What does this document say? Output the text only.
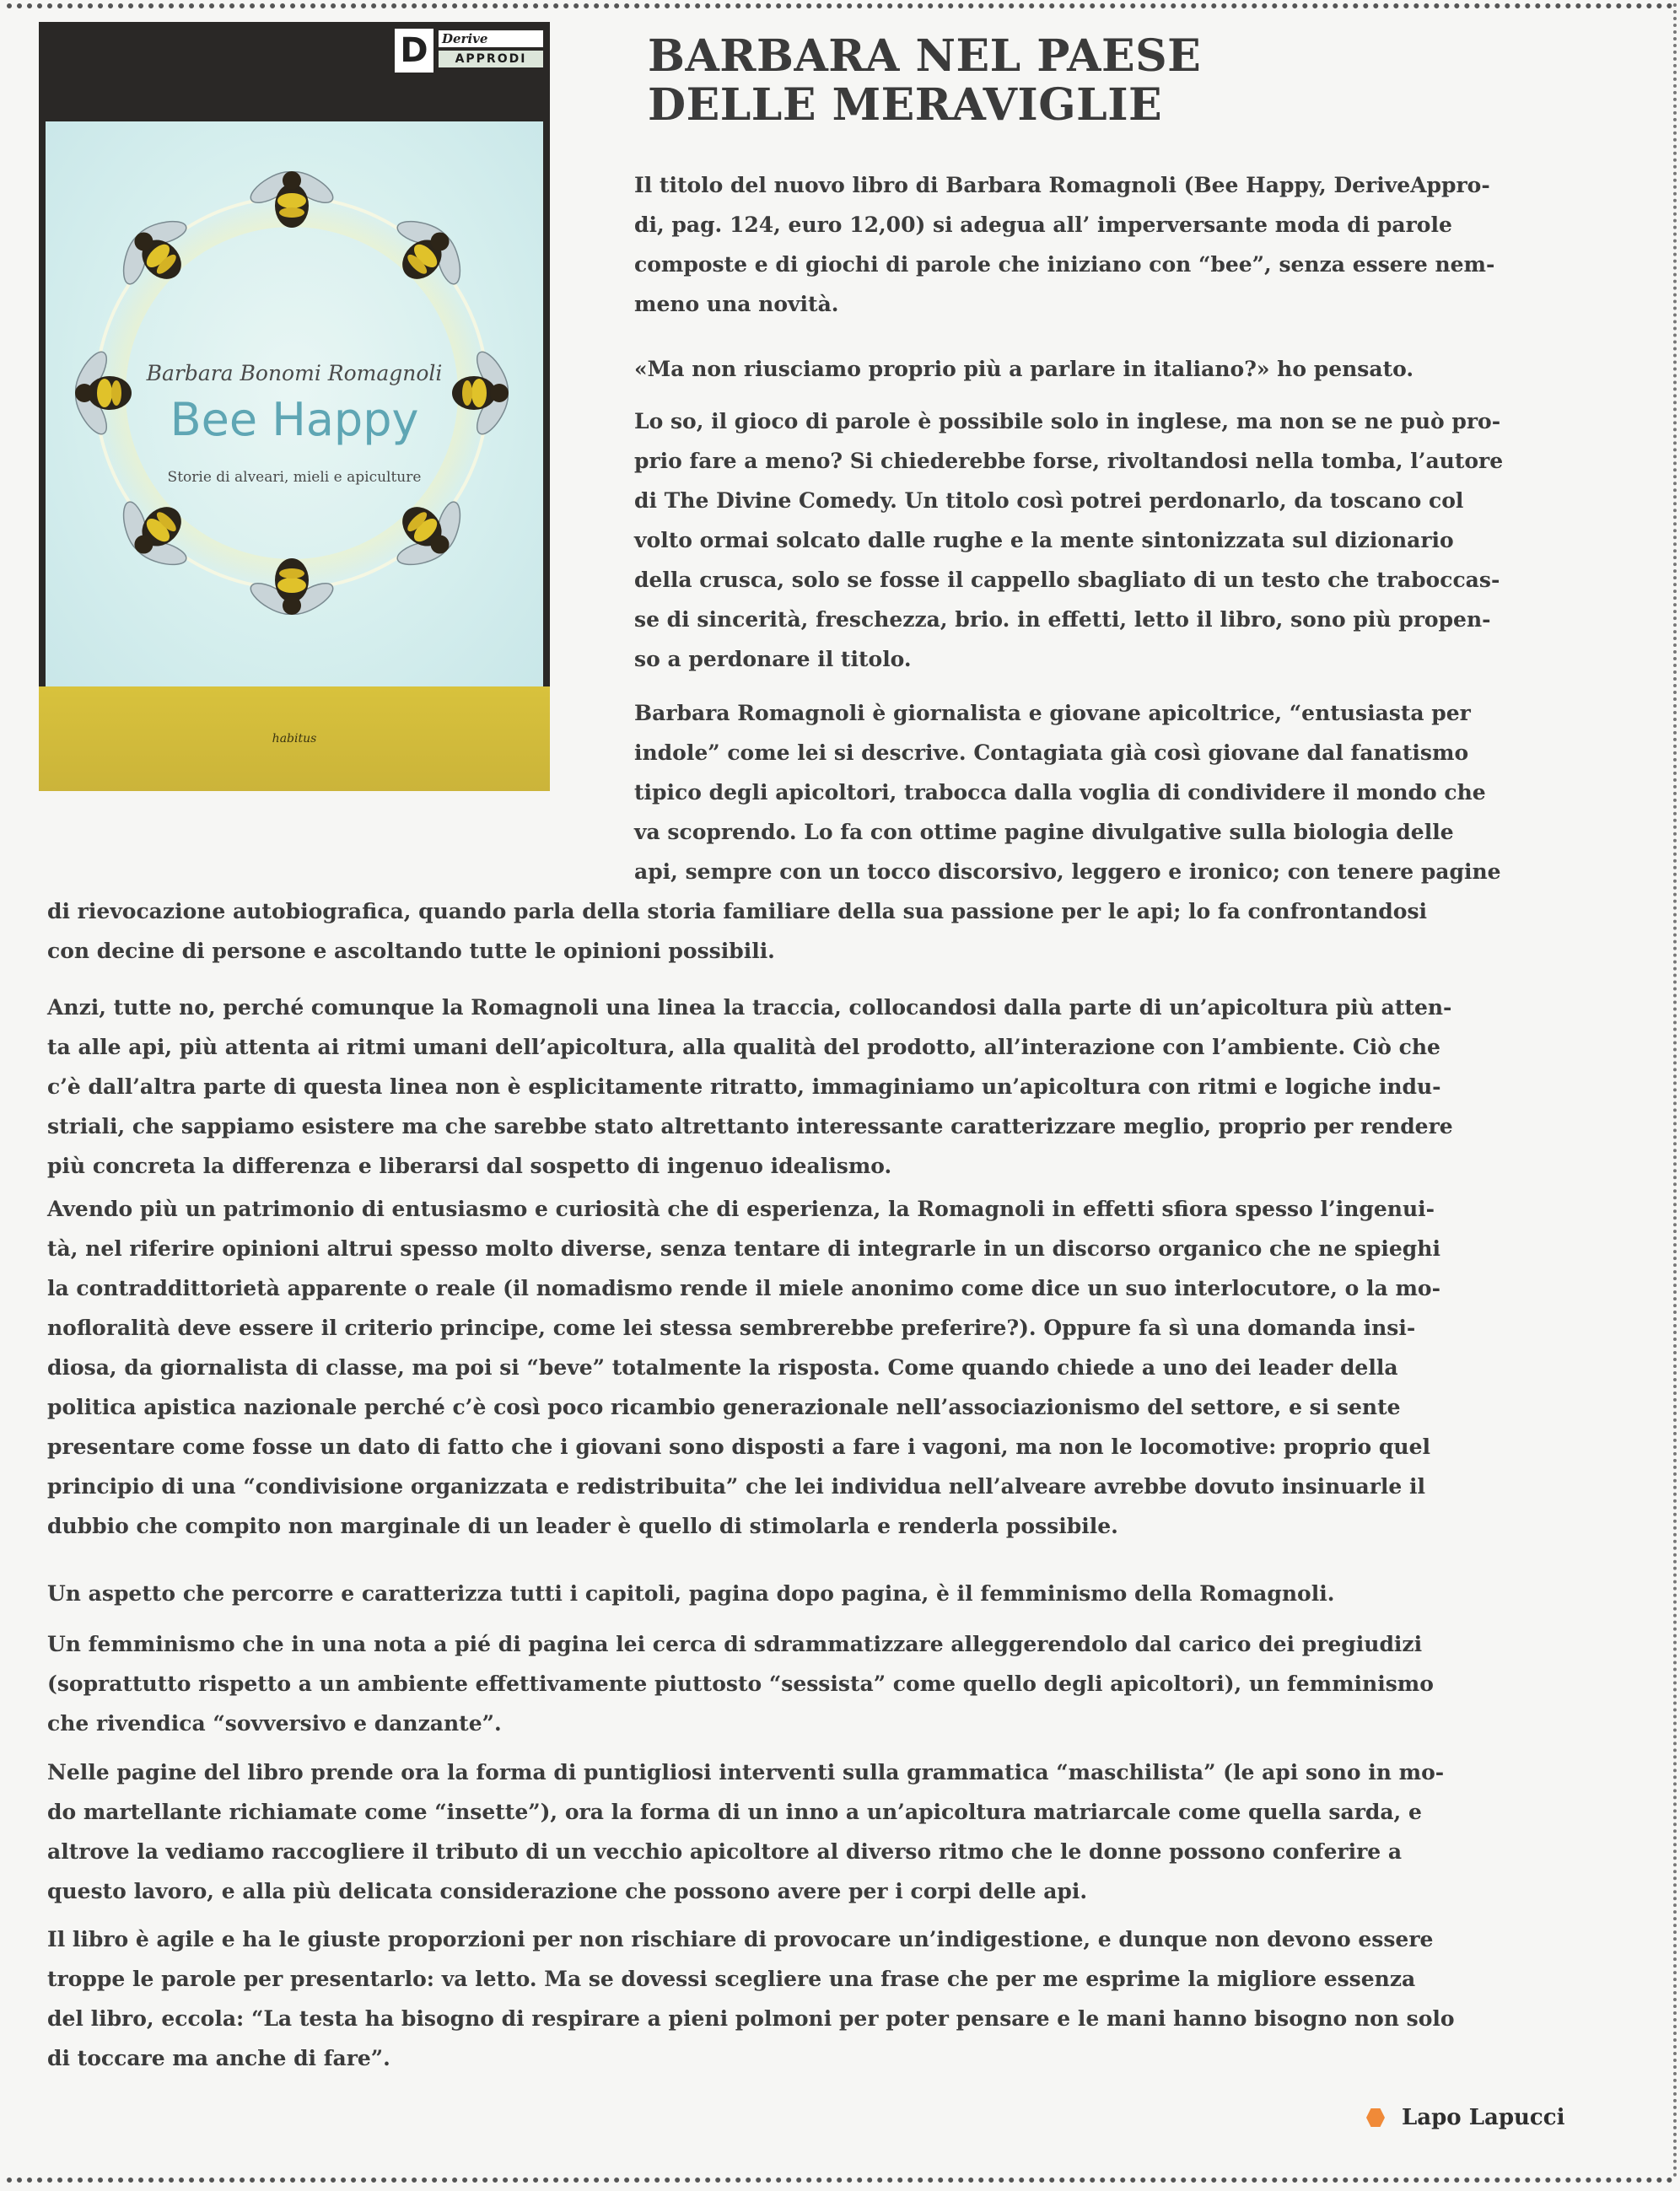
D	Derive
APPRODI
Barbara Bonomi Romagnoli
Bee Happy
Storie di alveari, mieli e apiculture
habitus
BARBARA NEL PAESE
DELLE MERAVIGLIE

Il titolo del nuovo libro di Barbara Romagnoli (Bee Happy, DeriveAppro-
di, pag. 124, euro 12,00) si adegua all’ imperversante moda di parole
composte e di giochi di parole che iniziano con “bee”, senza essere nem-
meno una novità.

«Ma non riusciamo proprio più a parlare in italiano?» ho pensato.

Lo so, il gioco di parole è possibile solo in inglese, ma non se ne può pro-
prio fare a meno? Si chiederebbe forse, rivoltandosi nella tomba, l’autore
di The Divine Comedy. Un titolo così potrei perdonarlo, da toscano col
volto ormai solcato dalle rughe e la mente sintonizzata sul dizionario
della crusca, solo se fosse il cappello sbagliato di un testo che traboccas-
se di sincerità, freschezza, brio. in effetti, letto il libro, sono più propen-
so a perdonare il titolo.

Barbara Romagnoli è giornalista e giovane apicoltrice, “entusiasta per
indole” come lei si descrive. Contagiata già così giovane dal fanatismo
tipico degli apicoltori, trabocca dalla voglia di condividere il mondo che
va scoprendo. Lo fa con ottime pagine divulgative sulla biologia delle
api, sempre con un tocco discorsivo, leggero e ironico; con tenere pagine

di rievocazione autobiografica, quando parla della storia familiare della sua passione per le api; lo fa confrontandosi
con decine di persone e ascoltando tutte le opinioni possibili.

Anzi, tutte no, perché comunque la Romagnoli una linea la traccia, collocandosi dalla parte di un’apicoltura più atten-
ta alle api, più attenta ai ritmi umani dell’apicoltura, alla qualità del prodotto, all’interazione con l’ambiente. Ciò che
c’è dall’altra parte di questa linea non è esplicitamente ritratto, immaginiamo un’apicoltura con ritmi e logiche indu-
striali, che sappiamo esistere ma che sarebbe stato altrettanto interessante caratterizzare meglio, proprio per rendere
più concreta la differenza e liberarsi dal sospetto di ingenuo idealismo.

Avendo più un patrimonio di entusiasmo e curiosità che di esperienza, la Romagnoli in effetti sfiora spesso l’ingenui-
tà, nel riferire opinioni altrui spesso molto diverse, senza tentare di integrarle in un discorso organico che ne spieghi
la contraddittorietà apparente o reale (il nomadismo rende il miele anonimo come dice un suo interlocutore, o la mo-
nofloralità deve essere il criterio principe, come lei stessa sembrerebbe preferire?). Oppure fa sì una domanda insi-
diosa, da giornalista di classe, ma poi si “beve” totalmente la risposta. Come quando chiede a uno dei leader della
politica apistica nazionale perché c’è così poco ricambio generazionale nell’associazionismo del settore, e si sente
presentare come fosse un dato di fatto che i giovani sono disposti a fare i vagoni, ma non le locomotive: proprio quel
principio di una “condivisione organizzata e redistribuita” che lei individua nell’alveare avrebbe dovuto insinuarle il
dubbio che compito non marginale di un leader è quello di stimolarla e renderla possibile.

Un aspetto che percorre e caratterizza tutti i capitoli, pagina dopo pagina, è il femminismo della Romagnoli.

Un femminismo che in una nota a pié di pagina lei cerca di sdrammatizzare alleggerendolo dal carico dei pregiudizi
(soprattutto rispetto a un ambiente effettivamente piuttosto “sessista” come quello degli apicoltori), un femminismo
che rivendica “sovversivo e danzante”.

Nelle pagine del libro prende ora la forma di puntigliosi interventi sulla grammatica “maschilista” (le api sono in mo-
do martellante richiamate come “insette”), ora la forma di un inno a un’apicoltura matriarcale come quella sarda, e
altrove la vediamo raccogliere il tributo di un vecchio apicoltore al diverso ritmo che le donne possono conferire a
questo lavoro, e alla più delicata considerazione che possono avere per i corpi delle api.

Il libro è agile e ha le giuste proporzioni per non rischiare di provocare un’indigestione, e dunque non devono essere
troppe le parole per presentarlo: va letto. Ma se dovessi scegliere una frase che per me esprime la migliore essenza
del libro, eccola: “La testa ha bisogno di respirare a pieni polmoni per poter pensare e le mani hanno bisogno non solo
di toccare ma anche di fare”.

Lapo Lapucci
